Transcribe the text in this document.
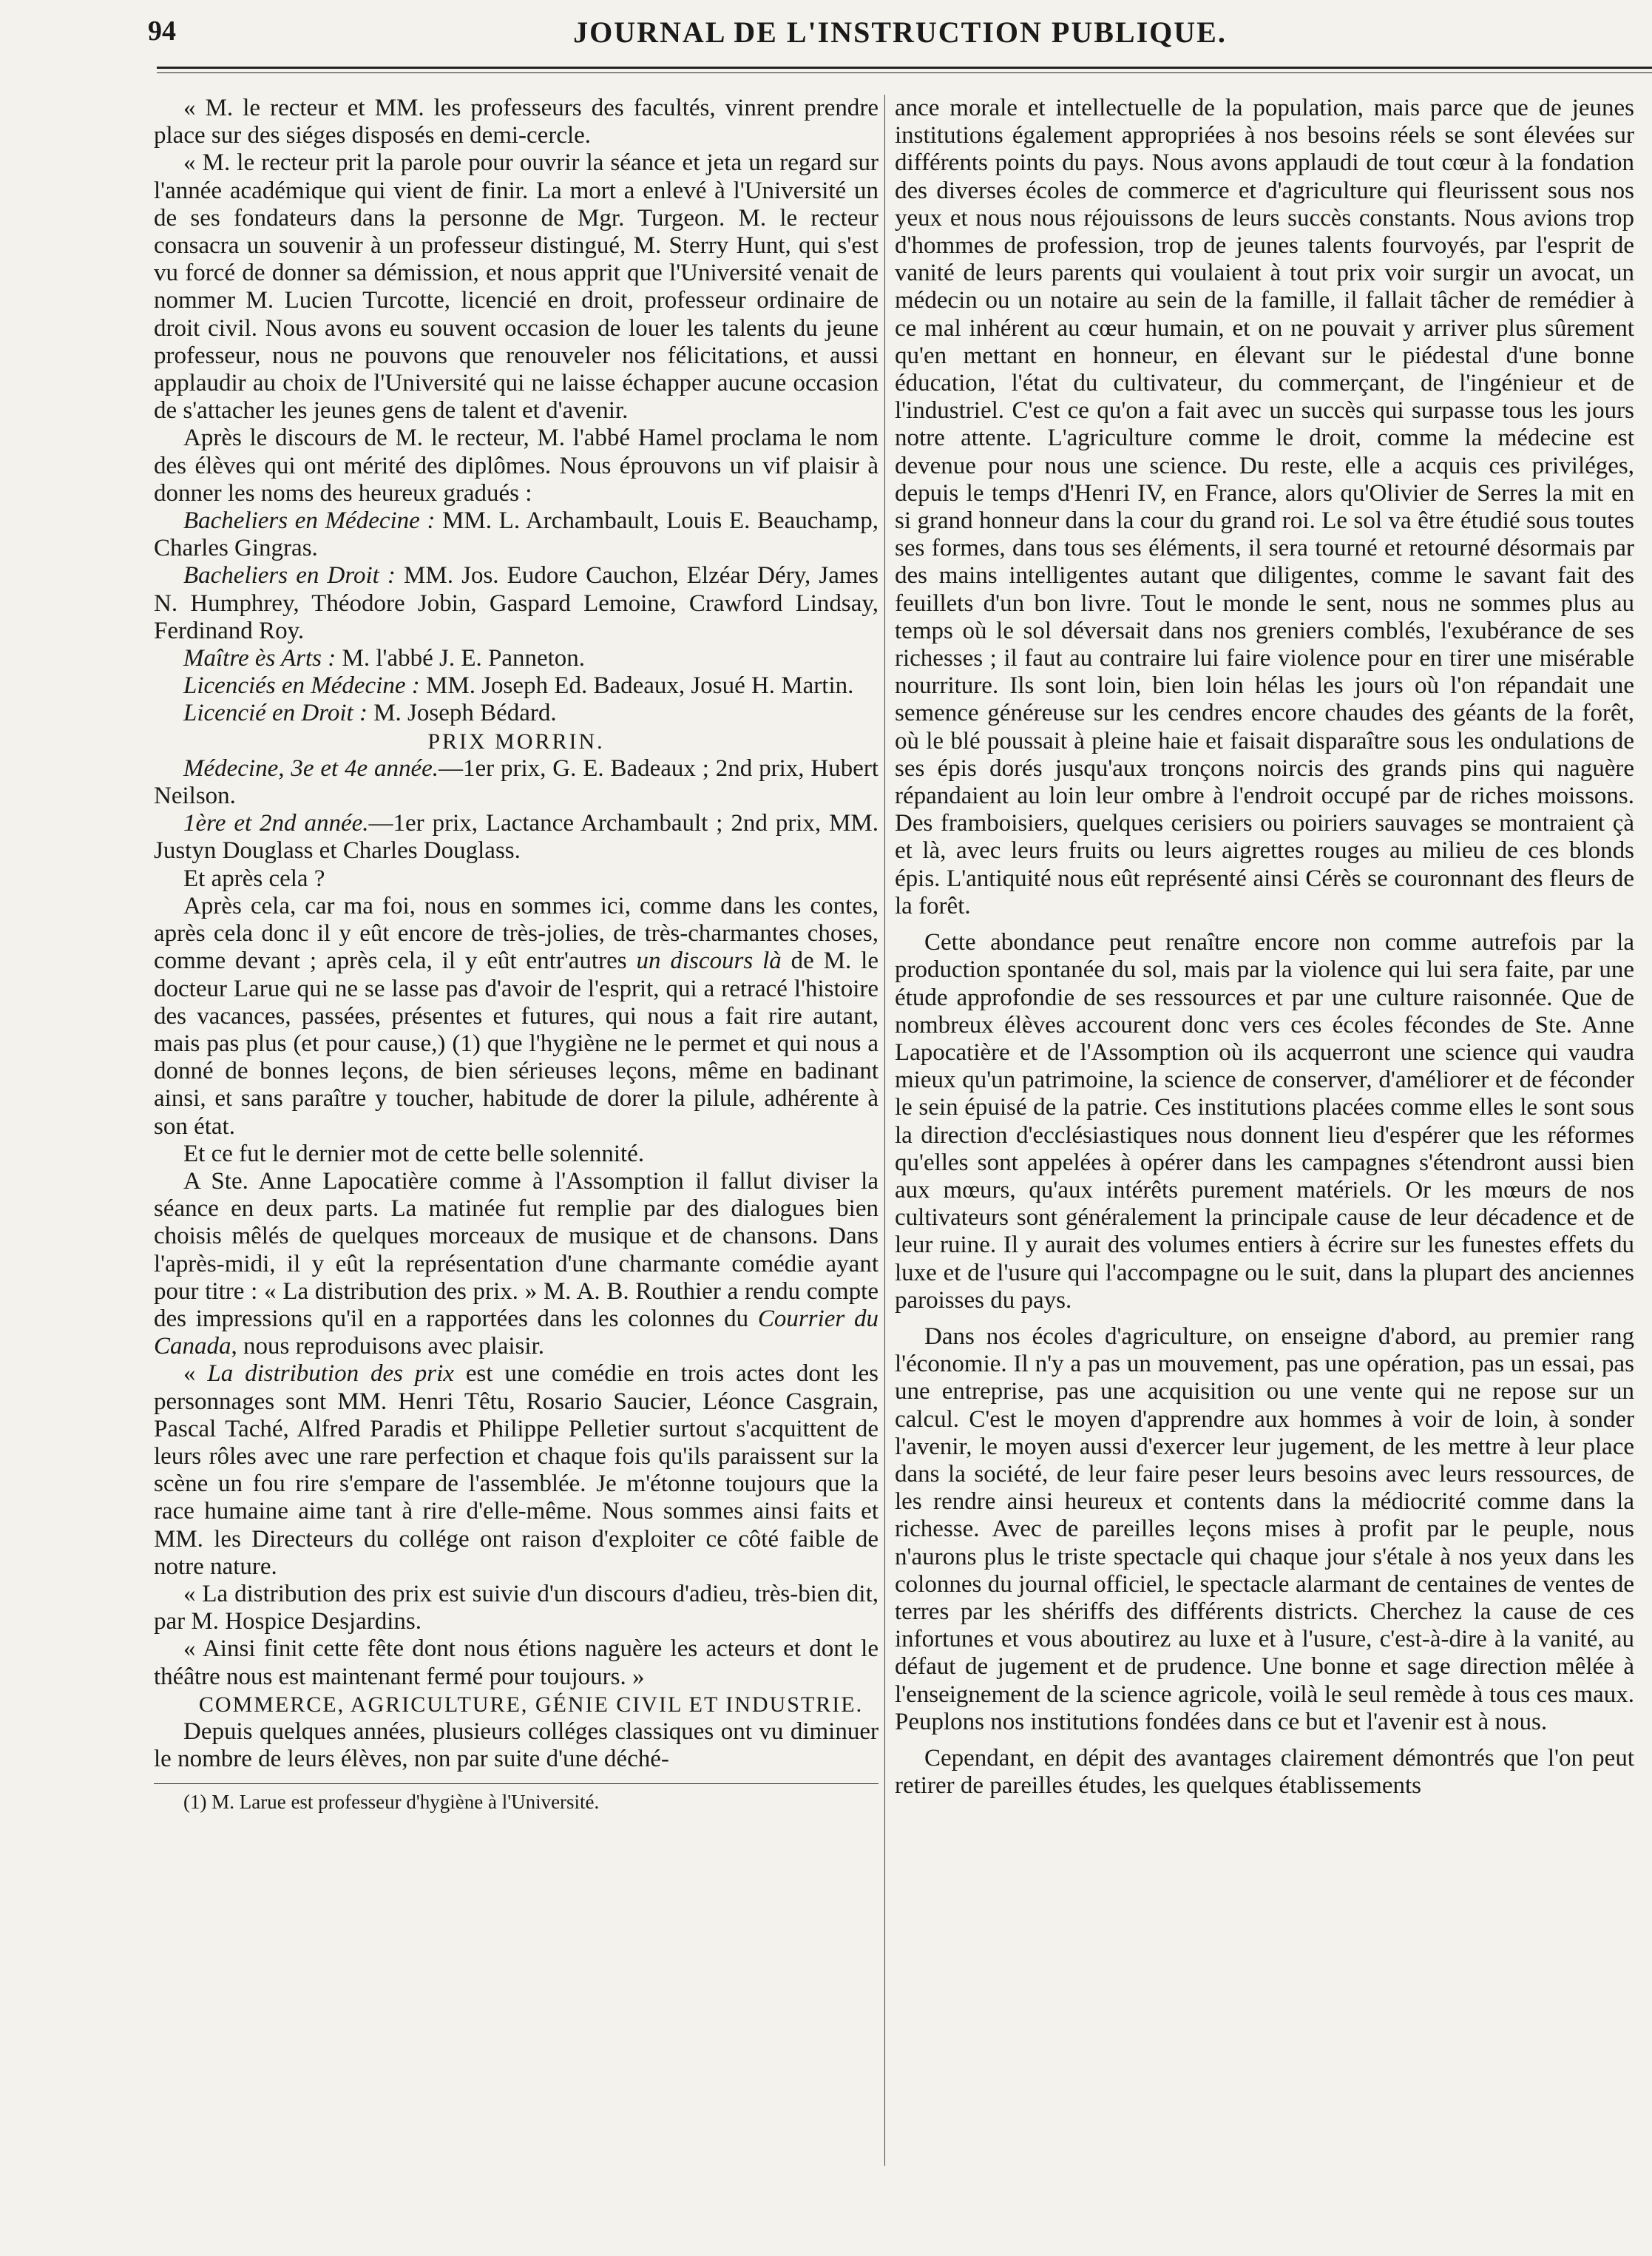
94	JOURNAL DE L'INSTRUCTION PUBLIQUE.

« M. le recteur et MM. les professeurs des facultés, vinrent prendre place sur des siéges disposés en demi-cercle.

« M. le recteur prit la parole pour ouvrir la séance et jeta un regard sur l'année académique qui vient de finir. La mort a enlevé à l'Université un de ses fondateurs dans la personne de Mgr. Turgeon. M. le recteur consacra un souvenir à un professeur distingué, M. Sterry Hunt, qui s'est vu forcé de donner sa démission, et nous apprit que l'Université venait de nommer M. Lucien Turcotte, licencié en droit, professeur ordinaire de droit civil. Nous avons eu souvent occasion de louer les talents du jeune professeur, nous ne pouvons que renouveler nos félicitations, et aussi applaudir au choix de l'Université qui ne laisse échapper aucune occasion de s'attacher les jeunes gens de talent et d'avenir.

Après le discours de M. le recteur, M. l'abbé Hamel proclama le nom des élèves qui ont mérité des diplômes. Nous éprouvons un vif plaisir à donner les noms des heureux gradués :

Bacheliers en Médecine : MM. L. Archambault, Louis E. Beauchamp, Charles Gingras.

Bacheliers en Droit : MM. Jos. Eudore Cauchon, Elzéar Déry, James N. Humphrey, Théodore Jobin, Gaspard Lemoine, Crawford Lindsay, Ferdinand Roy.

Maître ès Arts : M. l'abbé J. E. Panneton.

Licenciés en Médecine : MM. Joseph Ed. Badeaux, Josué H. Martin.

Licencié en Droit : M. Joseph Bédard.

PRIX MORRIN.

Médecine, 3e et 4e année.—1er prix, G. E. Badeaux ; 2nd prix, Hubert Neilson.

1ère et 2nd année.—1er prix, Lactance Archambault ; 2nd prix, MM. Justyn Douglass et Charles Douglass.

Et après cela ?

Après cela, car ma foi, nous en sommes ici, comme dans les contes, après cela donc il y eût encore de très-jolies, de très-charmantes choses, comme devant ; après cela, il y eût entr'autres un discours là de M. le docteur Larue qui ne se lasse pas d'avoir de l'esprit, qui a retracé l'histoire des vacances, passées, présentes et futures, qui nous a fait rire autant, mais pas plus (et pour cause,) (1) que l'hygiène ne le permet et qui nous a donné de bonnes leçons, de bien sérieuses leçons, même en badinant ainsi, et sans paraître y toucher, habitude de dorer la pilule, adhérente à son état.

Et ce fut le dernier mot de cette belle solennité.

A Ste. Anne Lapocatière comme à l'Assomption il fallut diviser la séance en deux parts. La matinée fut remplie par des dialogues bien choisis mêlés de quelques morceaux de musique et de chansons. Dans l'après-midi, il y eût la représentation d'une charmante comédie ayant pour titre : « La distribution des prix. » M. A. B. Routhier a rendu compte des impressions qu'il en a rapportées dans les colonnes du Courrier du Canada, nous reproduisons avec plaisir.

« La distribution des prix est une comédie en trois actes dont les personnages sont MM. Henri Têtu, Rosario Saucier, Léonce Casgrain, Pascal Taché, Alfred Paradis et Philippe Pelletier surtout s'acquittent de leurs rôles avec une rare perfection et chaque fois qu'ils paraissent sur la scène un fou rire s'empare de l'assemblée. Je m'étonne toujours que la race humaine aime tant à rire d'elle-même. Nous sommes ainsi faits et MM. les Directeurs du collége ont raison d'exploiter ce côté faible de notre nature.

« La distribution des prix est suivie d'un discours d'adieu, très-bien dit, par M. Hospice Desjardins.

« Ainsi finit cette fête dont nous étions naguère les acteurs et dont le théâtre nous est maintenant fermé pour toujours. »

COMMERCE, AGRICULTURE, GÉNIE CIVIL ET INDUSTRIE.

Depuis quelques années, plusieurs colléges classiques ont vu diminuer le nombre de leurs élèves, non par suite d'une déché-

(1) M. Larue est professeur d'hygiène à l'Université.

ance morale et intellectuelle de la population, mais parce que de jeunes institutions également appropriées à nos besoins réels se sont élevées sur différents points du pays. Nous avons applaudi de tout cœur à la fondation des diverses écoles de commerce et d'agriculture qui fleurissent sous nos yeux et nous nous réjouissons de leurs succès constants. Nous avions trop d'hommes de profession, trop de jeunes talents fourvoyés, par l'esprit de vanité de leurs parents qui voulaient à tout prix voir surgir un avocat, un médecin ou un notaire au sein de la famille, il fallait tâcher de remédier à ce mal inhérent au cœur humain, et on ne pouvait y arriver plus sûrement qu'en mettant en honneur, en élevant sur le piédestal d'une bonne éducation, l'état du cultivateur, du commerçant, de l'ingénieur et de l'industriel. C'est ce qu'on a fait avec un succès qui surpasse tous les jours notre attente. L'agriculture comme le droit, comme la médecine est devenue pour nous une science. Du reste, elle a acquis ces priviléges, depuis le temps d'Henri IV, en France, alors qu'Olivier de Serres la mit en si grand honneur dans la cour du grand roi. Le sol va être étudié sous toutes ses formes, dans tous ses éléments, il sera tourné et retourné désormais par des mains intelligentes autant que diligentes, comme le savant fait des feuillets d'un bon livre. Tout le monde le sent, nous ne sommes plus au temps où le sol déversait dans nos greniers comblés, l'exubérance de ses richesses ; il faut au contraire lui faire violence pour en tirer une misérable nourriture. Ils sont loin, bien loin hélas les jours où l'on répandait une semence généreuse sur les cendres encore chaudes des géants de la forêt, où le blé poussait à pleine haie et faisait disparaître sous les ondulations de ses épis dorés jusqu'aux tronçons noircis des grands pins qui naguère répandaient au loin leur ombre à l'endroit occupé par de riches moissons. Des framboisiers, quelques cerisiers ou poiriers sauvages se montraient çà et là, avec leurs fruits ou leurs aigrettes rouges au milieu de ces blonds épis. L'antiquité nous eût représenté ainsi Cérès se couronnant des fleurs de la forêt.

Cette abondance peut renaître encore non comme autrefois par la production spontanée du sol, mais par la violence qui lui sera faite, par une étude approfondie de ses ressources et par une culture raisonnée. Que de nombreux élèves accourent donc vers ces écoles fécondes de Ste. Anne Lapocatière et de l'Assomption où ils acquerront une science qui vaudra mieux qu'un patrimoine, la science de conserver, d'améliorer et de féconder le sein épuisé de la patrie. Ces institutions placées comme elles le sont sous la direction d'ecclésiastiques nous donnent lieu d'espérer que les réformes qu'elles sont appelées à opérer dans les campagnes s'étendront aussi bien aux mœurs, qu'aux intérêts purement matériels. Or les mœurs de nos cultivateurs sont généralement la principale cause de leur décadence et de leur ruine. Il y aurait des volumes entiers à écrire sur les funestes effets du luxe et de l'usure qui l'accompagne ou le suit, dans la plupart des anciennes paroisses du pays.

Dans nos écoles d'agriculture, on enseigne d'abord, au premier rang l'économie. Il n'y a pas un mouvement, pas une opération, pas un essai, pas une entreprise, pas une acquisition ou une vente qui ne repose sur un calcul. C'est le moyen d'apprendre aux hommes à voir de loin, à sonder l'avenir, le moyen aussi d'exercer leur jugement, de les mettre à leur place dans la société, de leur faire peser leurs besoins avec leurs ressources, de les rendre ainsi heureux et contents dans la médiocrité comme dans la richesse. Avec de pareilles leçons mises à profit par le peuple, nous n'aurons plus le triste spectacle qui chaque jour s'étale à nos yeux dans les colonnes du journal officiel, le spectacle alarmant de centaines de ventes de terres par les shériffs des différents districts. Cherchez la cause de ces infortunes et vous aboutirez au luxe et à l'usure, c'est-à-dire à la vanité, au défaut de jugement et de prudence. Une bonne et sage direction mêlée à l'enseignement de la science agricole, voilà le seul remède à tous ces maux. Peuplons nos institutions fondées dans ce but et l'avenir est à nous.

Cependant, en dépit des avantages clairement démontrés que l'on peut retirer de pareilles études, les quelques établissements
